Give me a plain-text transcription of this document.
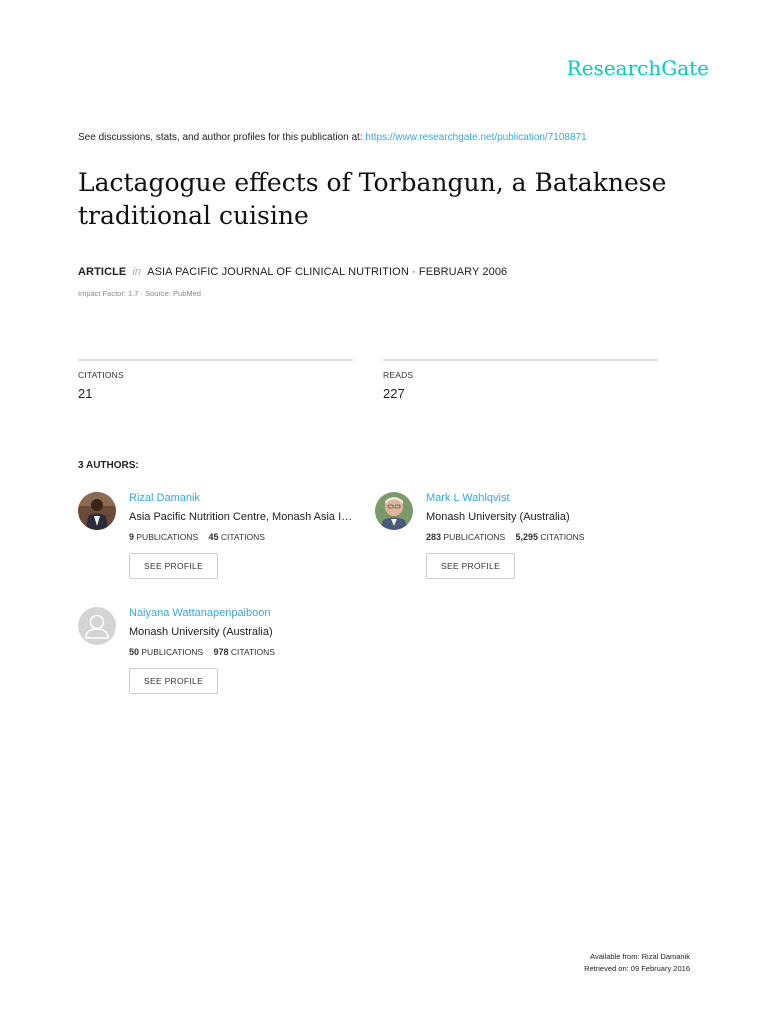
ResearchGate
See discussions, stats, and author profiles for this publication at: https://www.researchgate.net/publication/7108871
Lactagogue effects of Torbangun, a Bataknese traditional cuisine
ARTICLE in ASIA PACIFIC JOURNAL OF CLINICAL NUTRITION · FEBRUARY 2006
Impact Factor: 1.7 · Source: PubMed
CITATIONS
21
READS
227
3 AUTHORS:
Rizal Damanik
Asia Pacific Nutrition Centre, Monash Asia I…
9 PUBLICATIONS 45 CITATIONS
SEE PROFILE
Mark L Wahlqvist
Monash University (Australia)
283 PUBLICATIONS 5,295 CITATIONS
SEE PROFILE
Naiyana Wattanapenpaiboon
Monash University (Australia)
50 PUBLICATIONS 978 CITATIONS
SEE PROFILE
Available from: Rizal Damanik
Retrieved on: 09 February 2016
